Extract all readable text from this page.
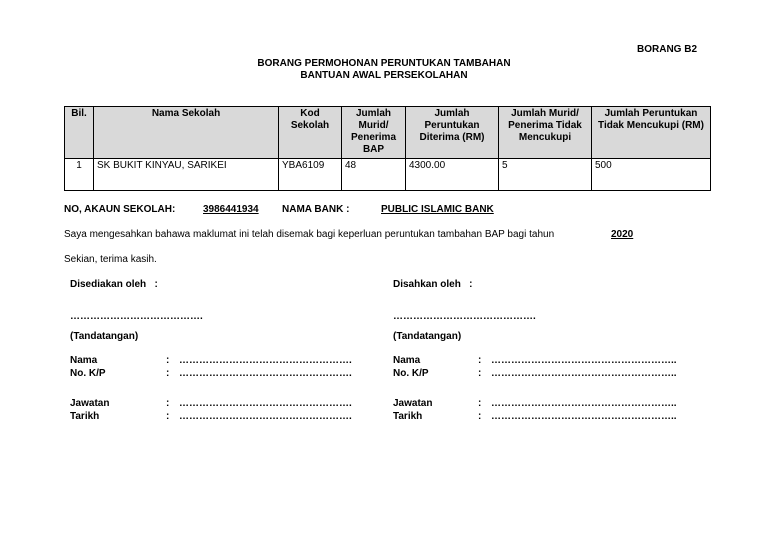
BORANG B2
BORANG PERMOHONAN PERUNTUKAN TAMBAHAN
BANTUAN AWAL PERSEKOLAHAN
Bil.	Nama Sekolah	Kod Sekolah	Jumlah Murid/ Penerima BAP	Jumlah Peruntukan Diterima (RM)	Jumlah Murid/ Penerima Tidak Mencukupi	Jumlah Peruntukan Tidak Mencukupi (RM)
1	SK BUKIT KINYAU, SARIKEI	YBA6109	48	4300.00	5	500
NO, AKAUN SEKOLAH:	3986441934 NAMA BANK :	PUBLIC ISLAMIC BANK
Saya mengesahkan bahawa maklumat ini telah disemak bagi keperluan peruntukan tambahan BAP bagi tahun	2020
Sekian, terima kasih.
Disediakan oleh   :
………………………………….
(Tandatangan)
Nama	: …………………………………………….
No. K/P	: …………………………………………….
Jawatan	: …………………………………………….
Tarikh	: …………………………………………….
Disahkan oleh   :
…………………………………….
(Tandatangan)
Nama	: ………………………………………………..
No. K/P	: ………………………………………………..
Jawatan	: ………………………………………………..
Tarikh	: ………………………………………………..
